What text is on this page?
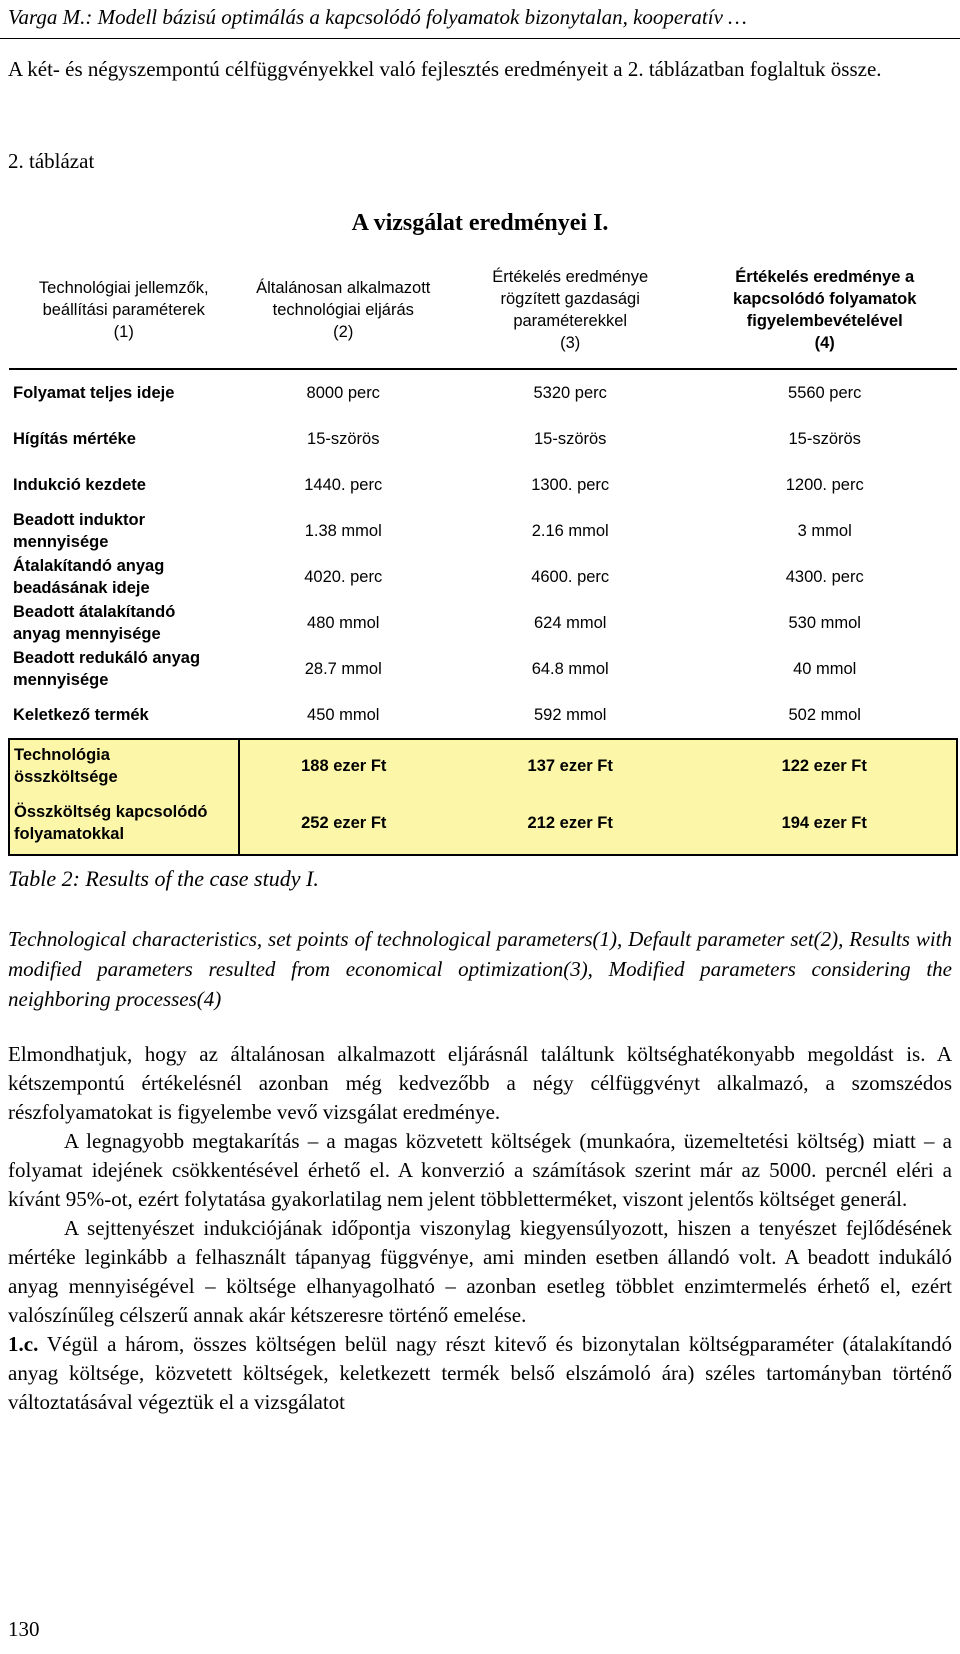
Varga M.: Modell bázisú optimálás a kapcsolódó folyamatok bizonytalan, kooperatív …
A két- és négyszempontú célfüggvényekkel való fejlesztés eredményeit a 2. táblázatban foglaltuk össze.
2. táblázat
A vizsgálat eredményei I.
Technológiai jellemzők,
beállítási paraméterek
(1)	Általánosan alkalmazott
technológiai eljárás
(2)	Értékelés eredménye
rögzített gazdasági
paraméterekkel
(3)	Értékelés eredménye a
kapcsolódó folyamatok
figyelembevételével
(4)

Folyamat teljes ideje	8000 perc	5320 perc	5560 perc
Hígítás mértéke	15-szörös	15-szörös	15-szörös
Indukció kezdete	1440. perc	1300. perc	1200. perc
Beadott induktor
mennyisége	1.38 mmol	2.16 mmol	3 mmol
Átalakítandó anyag
beadásának ideje	4020. perc	4600. perc	4300. perc
Beadott átalakítandó
anyag mennyisége	480 mmol	624 mmol	530 mmol
Beadott redukáló anyag
mennyisége	28.7 mmol	64.8 mmol	40 mmol
Keletkező termék	450 mmol	592 mmol	502 mmol
Technológia
összköltsége	188 ezer Ft	137 ezer Ft	122 ezer Ft
Összköltség kapcsolódó
folyamatokkal	252 ezer Ft	212 ezer Ft	194 ezer Ft
Table 2: Results of the case study I.
Technological characteristics, set points of technological parameters(1), Default parameter set(2), Results with modified parameters resulted from economical optimization(3), Modified parameters considering the neighboring processes(4)
Elmondhatjuk, hogy az általánosan alkalmazott eljárásnál találtunk költséghatékonyabb megoldást is. A kétszempontú értékelésnél azonban még kedvezőbb a négy célfüggvényt alkalmazó, a szomszédos részfolyamatokat is figyelembe vevő vizsgálat eredménye.
A legnagyobb megtakarítás – a magas közvetett költségek (munkaóra, üzemeltetési költség) miatt – a folyamat idejének csökkentésével érhető el. A konverzió a számítások szerint már az 5000. percnél eléri a kívánt 95%-ot, ezért folytatása gyakorlatilag nem jelent többletterméket, viszont jelentős költséget generál.
A sejttenyészet indukciójának időpontja viszonylag kiegyensúlyozott, hiszen a tenyészet fejlődésének mértéke leginkább a felhasznált tápanyag függvénye, ami minden esetben állandó volt. A beadott indukáló anyag mennyiségével – költsége elhanyagolható – azonban esetleg többlet enzimtermelés érhető el, ezért valószínűleg célszerű annak akár kétszeresre történő emelése.
1.c. Végül a három, összes költségen belül nagy részt kitevő és bizonytalan költségparaméter (átalakítandó anyag költsége, közvetett költségek, keletkezett termék belső elszámoló ára) széles tartományban történő változtatásával végeztük el a vizsgálatot
130
